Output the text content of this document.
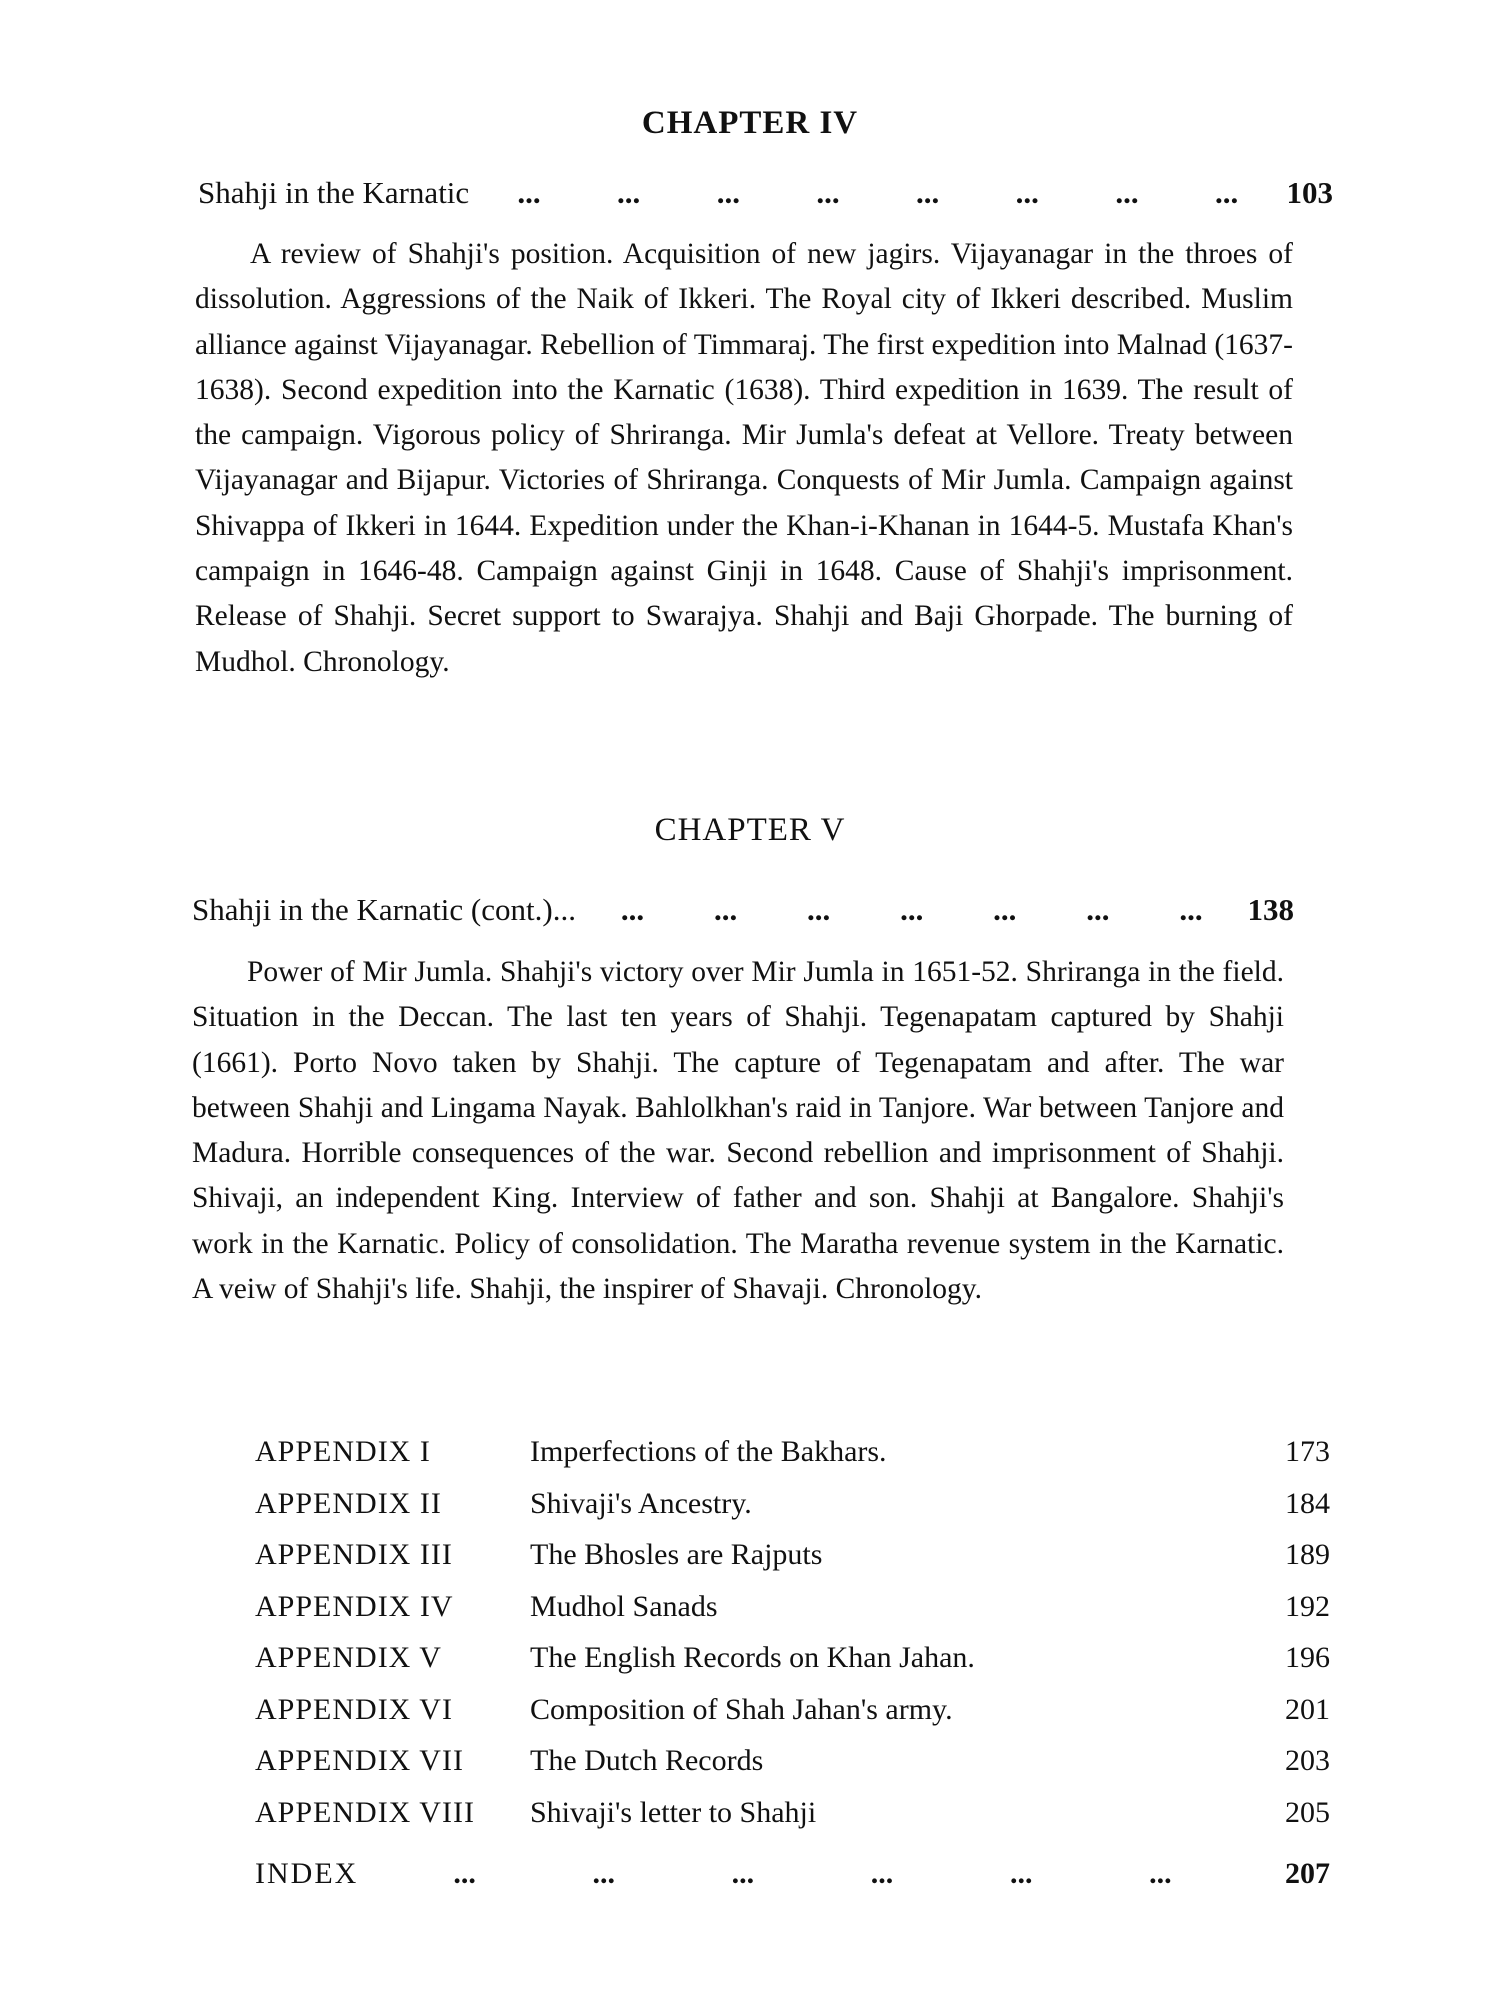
CHAPTER IV
Shahji in the Karnatic ... ... ... ... ... ... ... ... 103

A review of Shahji's position. Acquisition of new jagirs. Vijayanagar in the throes of dissolution. Aggressions of the Naik of Ikkeri. The Royal city of Ikkeri described. Muslim alliance against Vijayanagar. Rebellion of Timmaraj. The first expedition into Malnad (1637-1638). Second expedition into the Karnatic (1638). Third expedition in 1639. The result of the campaign. Vigorous policy of Shriranga. Mir Jumla's defeat at Vellore. Treaty between Vijayanagar and Bijapur. Victories of Shriranga. Conquests of Mir Jumla. Campaign against Shivappa of Ikkeri in 1644. Expedition under the Khan-i-Khanan in 1644-5. Mustafa Khan's campaign in 1646-48. Campaign against Ginji in 1648. Cause of Shahji's imprisonment. Release of Shahji. Secret support to Swarajya. Shahji and Baji Ghorpade. The burning of Mudhol. Chronology.

CHAPTER V
Shahji in the Karnatic (cont.)... ... ... ... ... ... ... ... 138

Power of Mir Jumla. Shahji's victory over Mir Jumla in 1651-52. Shriranga in the field. Situation in the Deccan. The last ten years of Shahji. Tegenapatam captured by Shahji (1661). Porto Novo taken by Shahji. The capture of Tegenapatam and after. The war between Shahji and Lingama Nayak. Bahlolkhan's raid in Tanjore. War between Tanjore and Madura. Horrible consequences of the war. Second rebellion and imprisonment of Shahji. Shivaji, an independent King. Interview of father and son. Shahji at Bangalore. Shahji's work in the Karnatic. Policy of consolidation. The Maratha revenue system in the Karnatic. A veiw of Shahji's life. Shahji, the inspirer of Shavaji. Chronology.

APPENDIX I	Imperfections of the Bakhars.	173
APPENDIX II	Shivaji's Ancestry.	184
APPENDIX III	The Bhosles are Rajputs	189
APPENDIX IV	Mudhol Sanads	192
APPENDIX V	The English Records on Khan Jahan.	196
APPENDIX VI	Composition of Shah Jahan's army.	201
APPENDIX VII	The Dutch Records	203
APPENDIX VIII	Shivaji's letter to Shahji	205
INDEX	...	...	...	...	...	...	207
